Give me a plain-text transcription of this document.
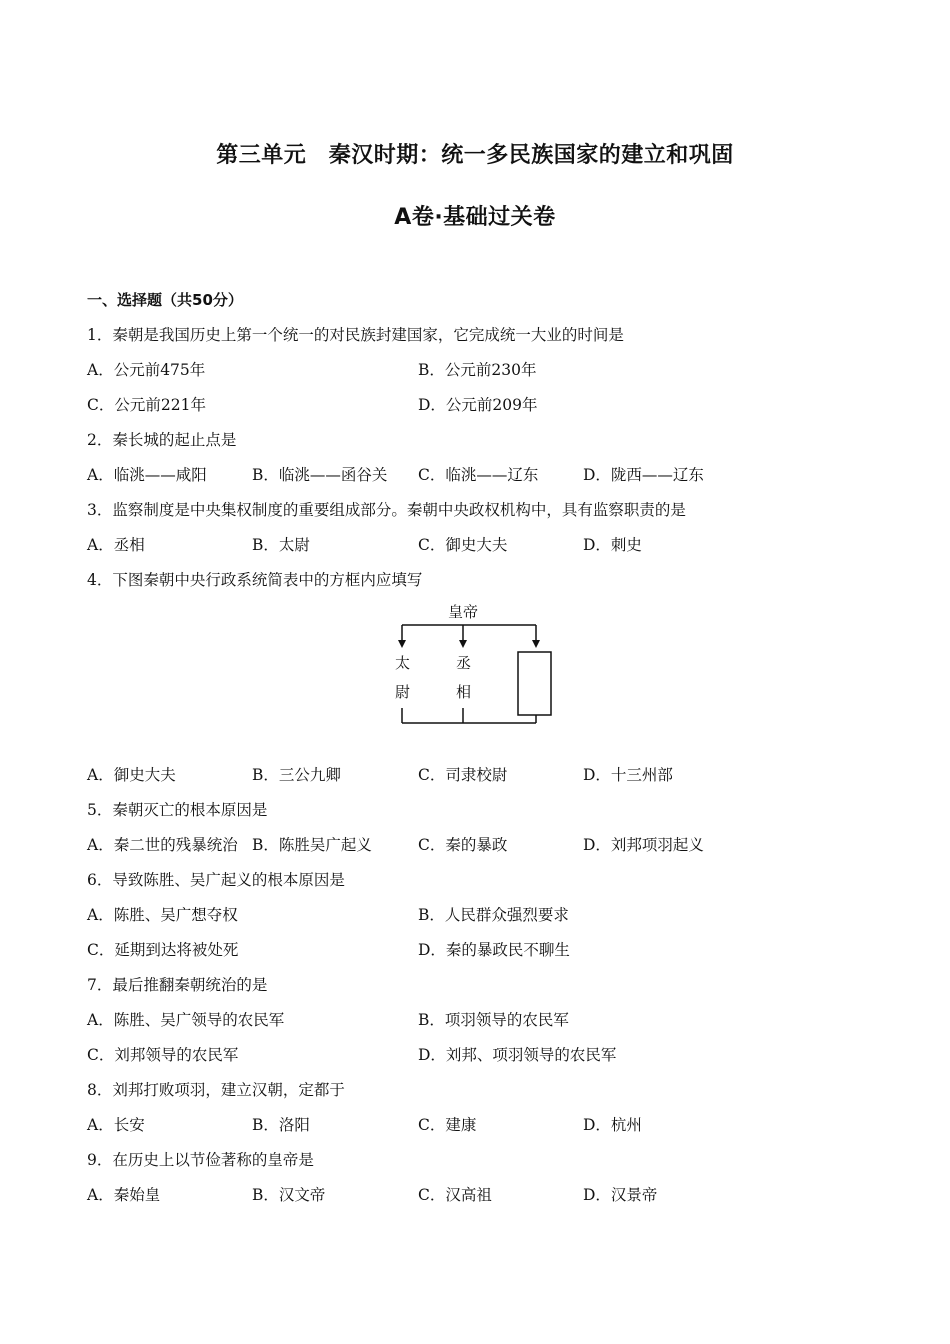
第三单元　秦汉时期：统一多民族国家的建立和巩固
A卷·基础过关卷
一、选择题（共50分）
1．秦朝是我国历史上第一个统一的对民族封建国家，它完成统一大业的时间是
A．公元前475年	B．公元前230年
C．公元前221年	D．公元前209年
2．秦长城的起止点是
A．临洮——咸阳	B．临洮——函谷关 C．临洮——辽东	D．陇西——辽东
3．监察制度是中央集权制度的重要组成部分。秦朝中央政权机构中，具有监察职责的是
A．丞相	B．太尉	C．御史大夫	D．刺史
4．下图秦朝中央行政系统简表中的方框内应填写
皇帝
太
尉
丞
相
A．御史大夫	B．三公九卿	C．司隶校尉	D．十三州部
5．秦朝灭亡的根本原因是
A．秦二世的残暴统治 B．陈胜吴广起义	C．秦的暴政	D．刘邦项羽起义
6．导致陈胜、吴广起义的根本原因是
A．陈胜、吴广想夺权	B．人民群众强烈要求
C．延期到达将被处死	D．秦的暴政民不聊生
7．最后推翻秦朝统治的是
A．陈胜、吴广领导的农民军	B．项羽领导的农民军
C．刘邦领导的农民军	D．刘邦、项羽领导的农民军
8．刘邦打败项羽，建立汉朝，定都于
A．长安	B．洛阳	C．建康	D．杭州
9．在历史上以节俭著称的皇帝是
A．秦始皇	B．汉文帝	C．汉高祖	D．汉景帝
